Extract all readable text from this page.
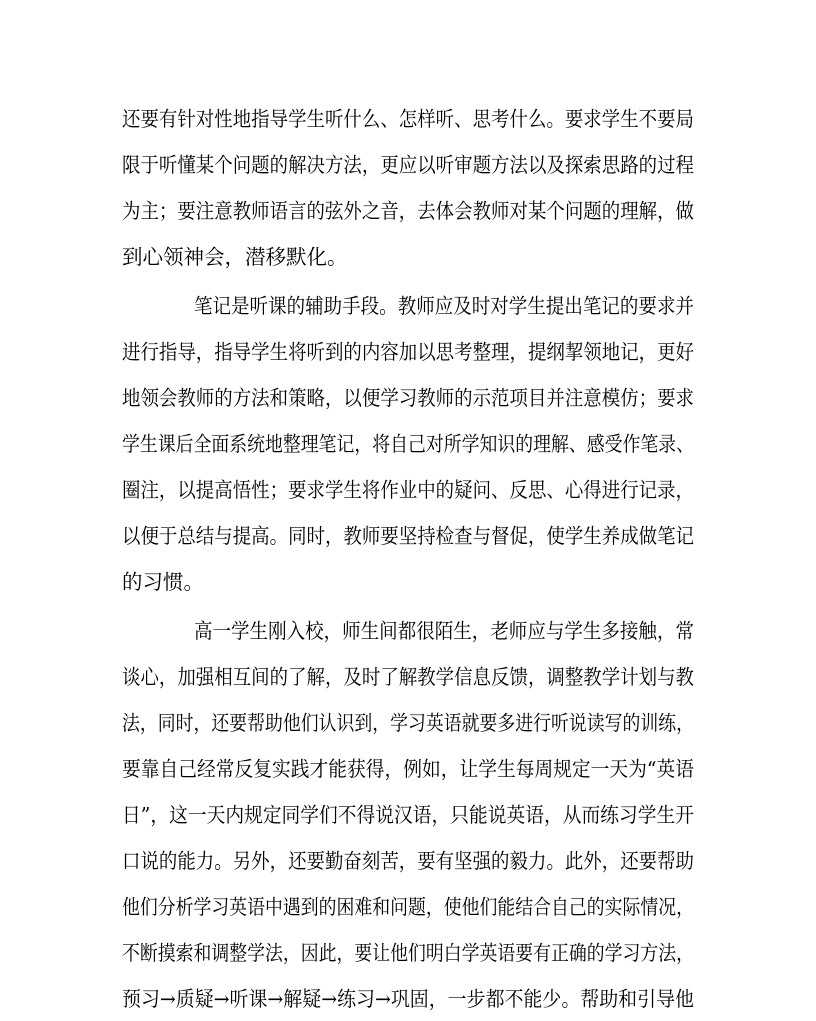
还要有针对性地指导学生听什么、怎样听、思考什么。要求学生不要局
限于听懂某个问题的解决方法，更应以听审题方法以及探索思路的过程
为主；要注意教师语言的弦外之音，去体会教师对某个问题的理解，做
到心领神会，潜移默化。
笔记是听课的辅助手段。教师应及时对学生提出笔记的要求并
进行指导，指导学生将听到的内容加以思考整理，提纲挈领地记，更好
地领会教师的方法和策略，以便学习教师的示范项目并注意模仿；要求
学生课后全面系统地整理笔记，将自己对所学知识的理解、感受作笔录、
圈注，以提高悟性；要求学生将作业中的疑问、反思、心得进行记录，
以便于总结与提高。同时，教师要坚持检查与督促，使学生养成做笔记
的习惯。
高一学生刚入校，师生间都很陌生，老师应与学生多接触，常
谈心，加强相互间的了解，及时了解教学信息反馈，调整教学计划与教
法，同时，还要帮助他们认识到，学习英语就要多进行听说读写的训练，
要靠自己经常反复实践才能获得，例如，让学生每周规定一天为“英语
日”，这一天内规定同学们不得说汉语，只能说英语，从而练习学生开
口说的能力。另外，还要勤奋刻苦，要有坚强的毅力。此外，还要帮助
他们分析学习英语中遇到的困难和问题，使他们能结合自己的实际情况，
不断摸索和调整学法，因此，要让他们明白学英语要有正确的学习方法，
预习→质疑→听课→解疑→练习→巩固，一步都不能少。帮助和引导他
